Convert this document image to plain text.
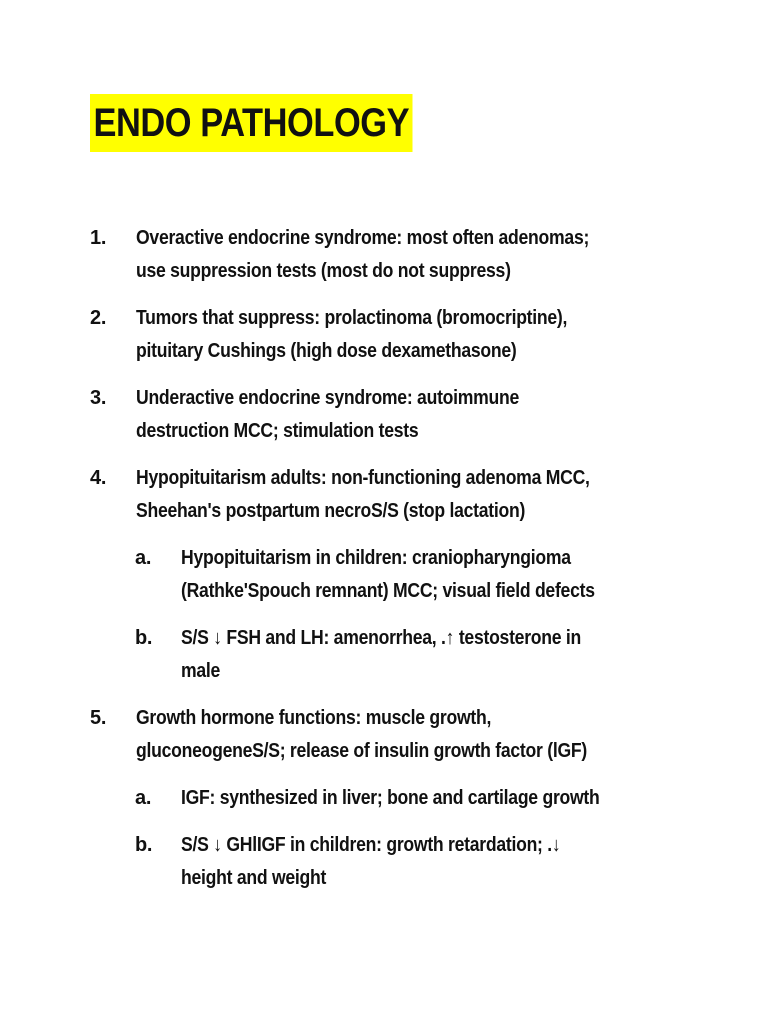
ENDO PATHOLOGY
1. Overactive endocrine syndrome: most often adenomas;
use suppression tests (most do not suppress)
2. Tumors that suppress: prolactinoma (bromocriptine),
pituitary Cushings (high dose dexamethasone)
3. Underactive endocrine syndrome: autoimmune
destruction MCC; stimulation tests
4. Hypopituitarism adults: non-functioning adenoma MCC,
Sheehan's postpartum necroS/S (stop lactation)
a. Hypopituitarism in children: craniopharyngioma
(Rathke'Spouch remnant) MCC; visual field defects
b. S/S ↓ FSH and LH: amenorrhea, .↑ testosterone in
male
5. Growth hormone functions: muscle growth,
gluconeogeneS/S; release of insulin growth factor (lGF)
a. IGF: synthesized in liver; bone and cartilage growth
b. S/S ↓ GHlIGF in children: growth retardation; .↓
height and weight
